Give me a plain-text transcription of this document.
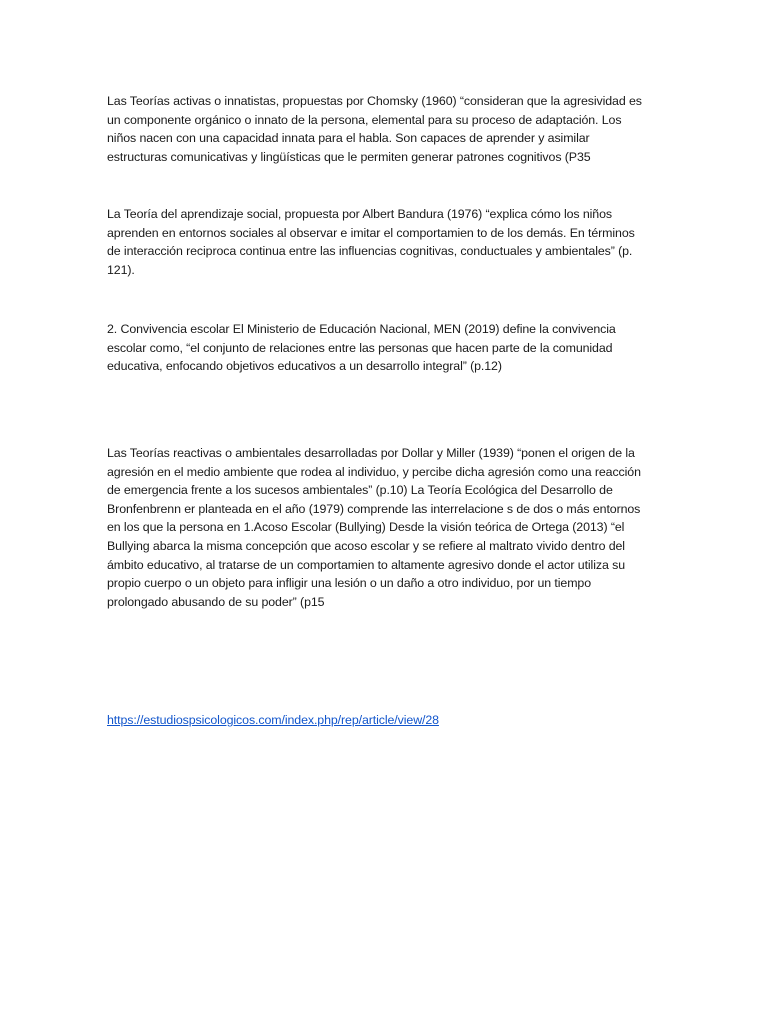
Las Teorías activas o innatistas, propuestas por Chomsky (1960) “consideran que la agresividad es
un componente orgánico o innato de la persona, elemental para su proceso de adaptación. Los
niños nacen con una capacidad innata para el habla. Son capaces de aprender y asimilar
estructuras comunicativas y lingüísticas que le permiten generar patrones cognitivos (P35

La Teoría del aprendizaje social, propuesta por Albert Bandura (1976) “explica cómo los niños
aprenden en entornos sociales al observar e imitar el comportamien to de los demás. En términos
de interacción reciproca continua entre las influencias cognitivas, conductuales y ambientales” (p.
121).

2. Convivencia escolar El Ministerio de Educación Nacional, MEN (2019) define la convivencia
escolar como, “el conjunto de relaciones entre las personas que hacen parte de la comunidad
educativa, enfocando objetivos educativos a un desarrollo integral” (p.12)

Las Teorías reactivas o ambientales desarrolladas por Dollar y Miller (1939) “ponen el origen de la
agresión en el medio ambiente que rodea al individuo, y percibe dicha agresión como una reacción
de emergencia frente a los sucesos ambientales” (p.10) La Teoría Ecológica del Desarrollo de
Bronfenbrenn er planteada en el año (1979) comprende las interrelacione s de dos o más entornos
en los que la persona en 1.Acoso Escolar (Bullying) Desde la visión teórica de Ortega (2013) “el
Bullying abarca la misma concepción que acoso escolar y se refiere al maltrato vivido dentro del
ámbito educativo, al tratarse de un comportamien to altamente agresivo donde el actor utiliza su
propio cuerpo o un objeto para infligir una lesión o un daño a otro individuo, por un tiempo
prolongado abusando de su poder” (p15

https://estudiospsicologicos.com/index.php/rep/article/view/28
